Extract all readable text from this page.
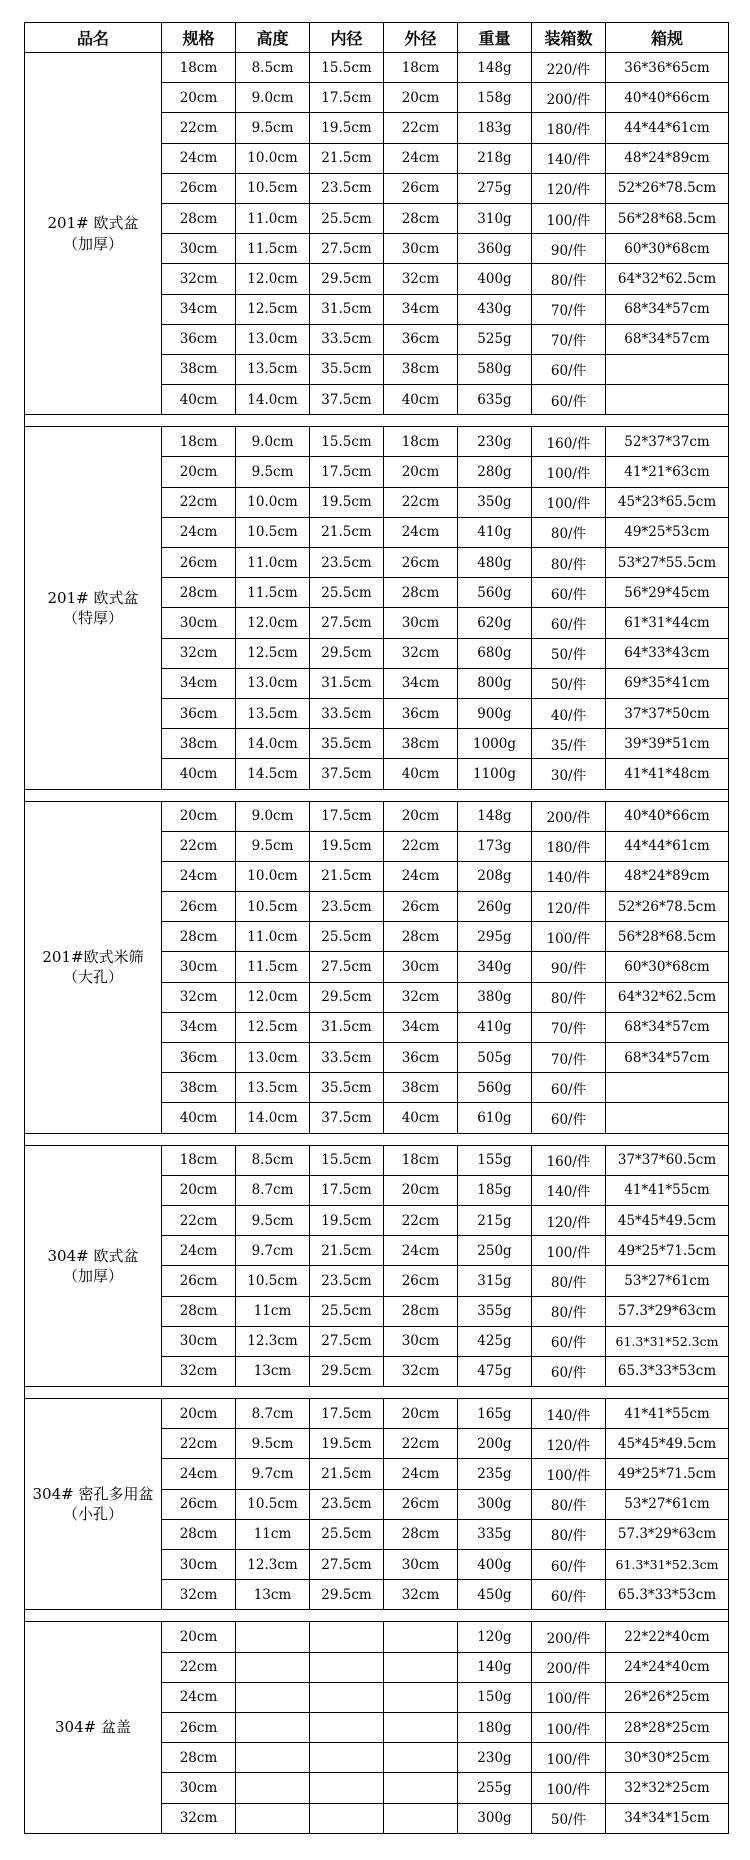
品名	规格	高度	内径	外径	重量	装箱数	箱规

201# 欧式盆
（加厚）	18cm	8.5cm	15.5cm	18cm	148g	220/件	36*36*65cm
	20cm	9.0cm	17.5cm	20cm	158g	200/件	40*40*66cm
	22cm	9.5cm	19.5cm	22cm	183g	180/件	44*44*61cm
	24cm	10.0cm	21.5cm	24cm	218g	140/件	48*24*89cm
	26cm	10.5cm	23.5cm	26cm	275g	120/件	52*26*78.5cm
	28cm	11.0cm	25.5cm	28cm	310g	100/件	56*28*68.5cm
	30cm	11.5cm	27.5cm	30cm	360g	90/件	60*30*68cm
	32cm	12.0cm	29.5cm	32cm	400g	80/件	64*32*62.5cm
	34cm	12.5cm	31.5cm	34cm	430g	70/件	68*34*57cm
	36cm	13.0cm	33.5cm	36cm	525g	70/件	68*34*57cm
	38cm	13.5cm	35.5cm	38cm	580g	60/件	
	40cm	14.0cm	37.5cm	40cm	635g	60/件	

201# 欧式盆
（特厚）	18cm	9.0cm	15.5cm	18cm	230g	160/件	52*37*37cm
	20cm	9.5cm	17.5cm	20cm	280g	100/件	41*21*63cm
	22cm	10.0cm	19.5cm	22cm	350g	100/件	45*23*65.5cm
	24cm	10.5cm	21.5cm	24cm	410g	80/件	49*25*53cm
	26cm	11.0cm	23.5cm	26cm	480g	80/件	53*27*55.5cm
	28cm	11.5cm	25.5cm	28cm	560g	60/件	56*29*45cm
	30cm	12.0cm	27.5cm	30cm	620g	60/件	61*31*44cm
	32cm	12.5cm	29.5cm	32cm	680g	50/件	64*33*43cm
	34cm	13.0cm	31.5cm	34cm	800g	50/件	69*35*41cm
	36cm	13.5cm	33.5cm	36cm	900g	40/件	37*37*50cm
	38cm	14.0cm	35.5cm	38cm	1000g	35/件	39*39*51cm
	40cm	14.5cm	37.5cm	40cm	1100g	30/件	41*41*48cm

201#欧式米筛
（大孔）	20cm	9.0cm	17.5cm	20cm	148g	200/件	40*40*66cm
	22cm	9.5cm	19.5cm	22cm	173g	180/件	44*44*61cm
	24cm	10.0cm	21.5cm	24cm	208g	140/件	48*24*89cm
	26cm	10.5cm	23.5cm	26cm	260g	120/件	52*26*78.5cm
	28cm	11.0cm	25.5cm	28cm	295g	100/件	56*28*68.5cm
	30cm	11.5cm	27.5cm	30cm	340g	90/件	60*30*68cm
	32cm	12.0cm	29.5cm	32cm	380g	80/件	64*32*62.5cm
	34cm	12.5cm	31.5cm	34cm	410g	70/件	68*34*57cm
	36cm	13.0cm	33.5cm	36cm	505g	70/件	68*34*57cm
	38cm	13.5cm	35.5cm	38cm	560g	60/件	
	40cm	14.0cm	37.5cm	40cm	610g	60/件	

304# 欧式盆
（加厚）	18cm	8.5cm	15.5cm	18cm	155g	160/件	37*37*60.5cm
	20cm	8.7cm	17.5cm	20cm	185g	140/件	41*41*55cm
	22cm	9.5cm	19.5cm	22cm	215g	120/件	45*45*49.5cm
	24cm	9.7cm	21.5cm	24cm	250g	100/件	49*25*71.5cm
	26cm	10.5cm	23.5cm	26cm	315g	80/件	53*27*61cm
	28cm	11cm	25.5cm	28cm	355g	80/件	57.3*29*63cm
	30cm	12.3cm	27.5cm	30cm	425g	60/件	61.3*31*52.3cm
	32cm	13cm	29.5cm	32cm	475g	60/件	65.3*33*53cm

304# 密孔多用盆
（小孔）	20cm	8.7cm	17.5cm	20cm	165g	140/件	41*41*55cm
	22cm	9.5cm	19.5cm	22cm	200g	120/件	45*45*49.5cm
	24cm	9.7cm	21.5cm	24cm	235g	100/件	49*25*71.5cm
	26cm	10.5cm	23.5cm	26cm	300g	80/件	53*27*61cm
	28cm	11cm	25.5cm	28cm	335g	80/件	57.3*29*63cm
	30cm	12.3cm	27.5cm	30cm	400g	60/件	61.3*31*52.3cm
	32cm	13cm	29.5cm	32cm	450g	60/件	65.3*33*53cm

304# 盆盖	20cm				120g	200/件	22*22*40cm
	22cm				140g	200/件	24*24*40cm
	24cm				150g	100/件	26*26*25cm
	26cm				180g	100/件	28*28*25cm
	28cm				230g	100/件	30*30*25cm
	30cm				255g	100/件	32*32*25cm
	32cm				300g	50/件	34*34*15cm
